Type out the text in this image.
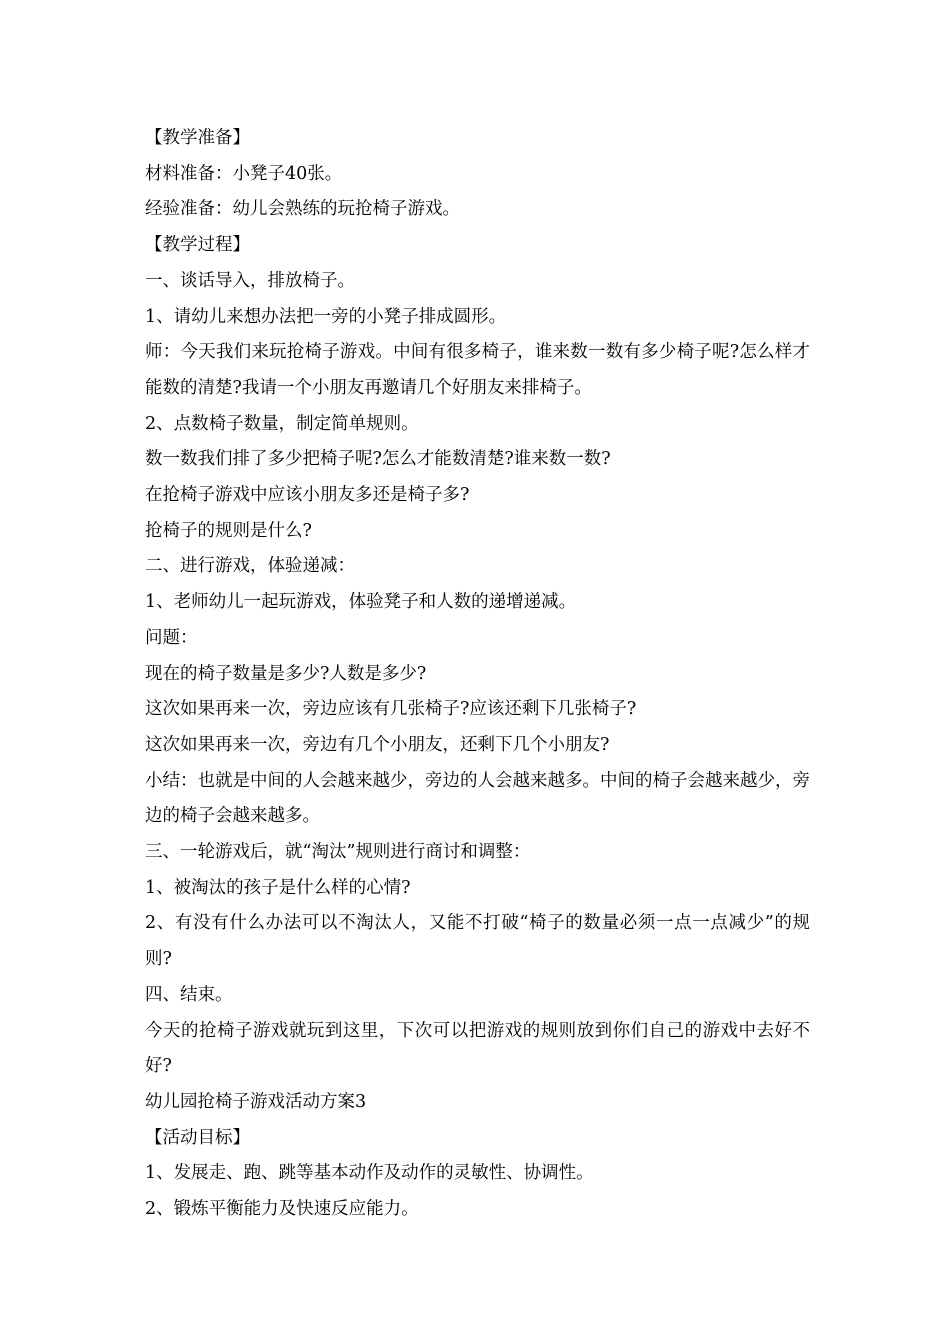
【教学准备】

材料准备：小凳子40张。

经验准备：幼儿会熟练的玩抢椅子游戏。

【教学过程】

一、谈话导入，排放椅子。

1、请幼儿来想办法把一旁的小凳子排成圆形。

师：今天我们来玩抢椅子游戏。中间有很多椅子，谁来数一数有多少椅子呢?怎么样才能数的清楚?我请一个小朋友再邀请几个好朋友来排椅子。

2、点数椅子数量，制定简单规则。

数一数我们排了多少把椅子呢?怎么才能数清楚?谁来数一数?

在抢椅子游戏中应该小朋友多还是椅子多?

抢椅子的规则是什么?

二、进行游戏，体验递减：

1、老师幼儿一起玩游戏，体验凳子和人数的递增递减。

问题：

现在的椅子数量是多少?人数是多少?

这次如果再来一次，旁边应该有几张椅子?应该还剩下几张椅子?

这次如果再来一次，旁边有几个小朋友，还剩下几个小朋友?

小结：也就是中间的人会越来越少，旁边的人会越来越多。中间的椅子会越来越少，旁边的椅子会越来越多。

三、一轮游戏后，就“淘汰”规则进行商讨和调整：

1、被淘汰的孩子是什么样的心情?

2、有没有什么办法可以不淘汰人，又能不打破“椅子的数量必须一点一点减少”的规则?

四、结束。

今天的抢椅子游戏就玩到这里，下次可以把游戏的规则放到你们自己的游戏中去好不好?

幼儿园抢椅子游戏活动方案3

【活动目标】

1、发展走、跑、跳等基本动作及动作的灵敏性、协调性。

2、锻炼平衡能力及快速反应能力。
